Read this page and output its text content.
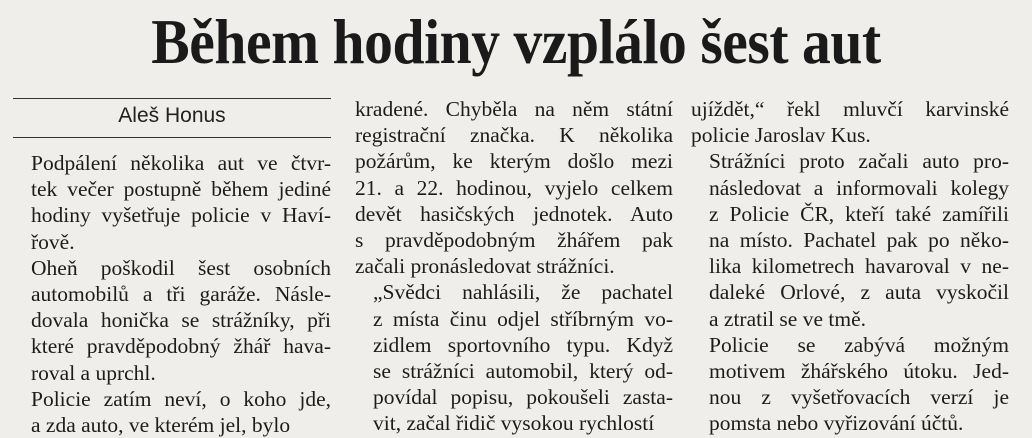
Během hodiny vzplálo šest aut
Aleš Honus

Podpálení několika aut ve čtvr-
tek večer postupně během jediné
hodiny vyšetřuje policie v Haví-
řově.

Oheň poškodil šest osobních
automobilů a tři garáže. Násle-
dovala honička se strážníky, při
které pravděpodobný žhář hava-
roval a uprchl.

Policie zatím neví, o koho jde,
a zda auto, ve kterém jel, bylo

kradené. Chyběla na něm státní
registrační značka. K několika
požárům, ke kterým došlo mezi
21. a 22. hodinou, vyjelo celkem
devět hasičských jednotek. Auto
s pravděpodobným žhářem pak
začali pronásledovat strážníci.

„Svědci nahlásili, že pachatel
z místa činu odjel stříbrným vo-
zidlem sportovního typu. Když
se strážníci automobil, který od-
povídal popisu, pokoušeli zasta-
vit, začal řidič vysokou rychlostí

ujíždět,“ řekl mluvčí karvinské
policie Jaroslav Kus.

Strážníci proto začali auto pro-
následovat a informovali kolegy
z Policie ČR, kteří také zamířili
na místo. Pachatel pak po něko-
lika kilometrech havaroval v ne-
daleké Orlové, z auta vyskočil
a ztratil se ve tmě.

Policie se zabývá možným
motivem žhářského útoku. Jed-
nou z vyšetřovacích verzí je
pomsta nebo vyřizování účtů.
